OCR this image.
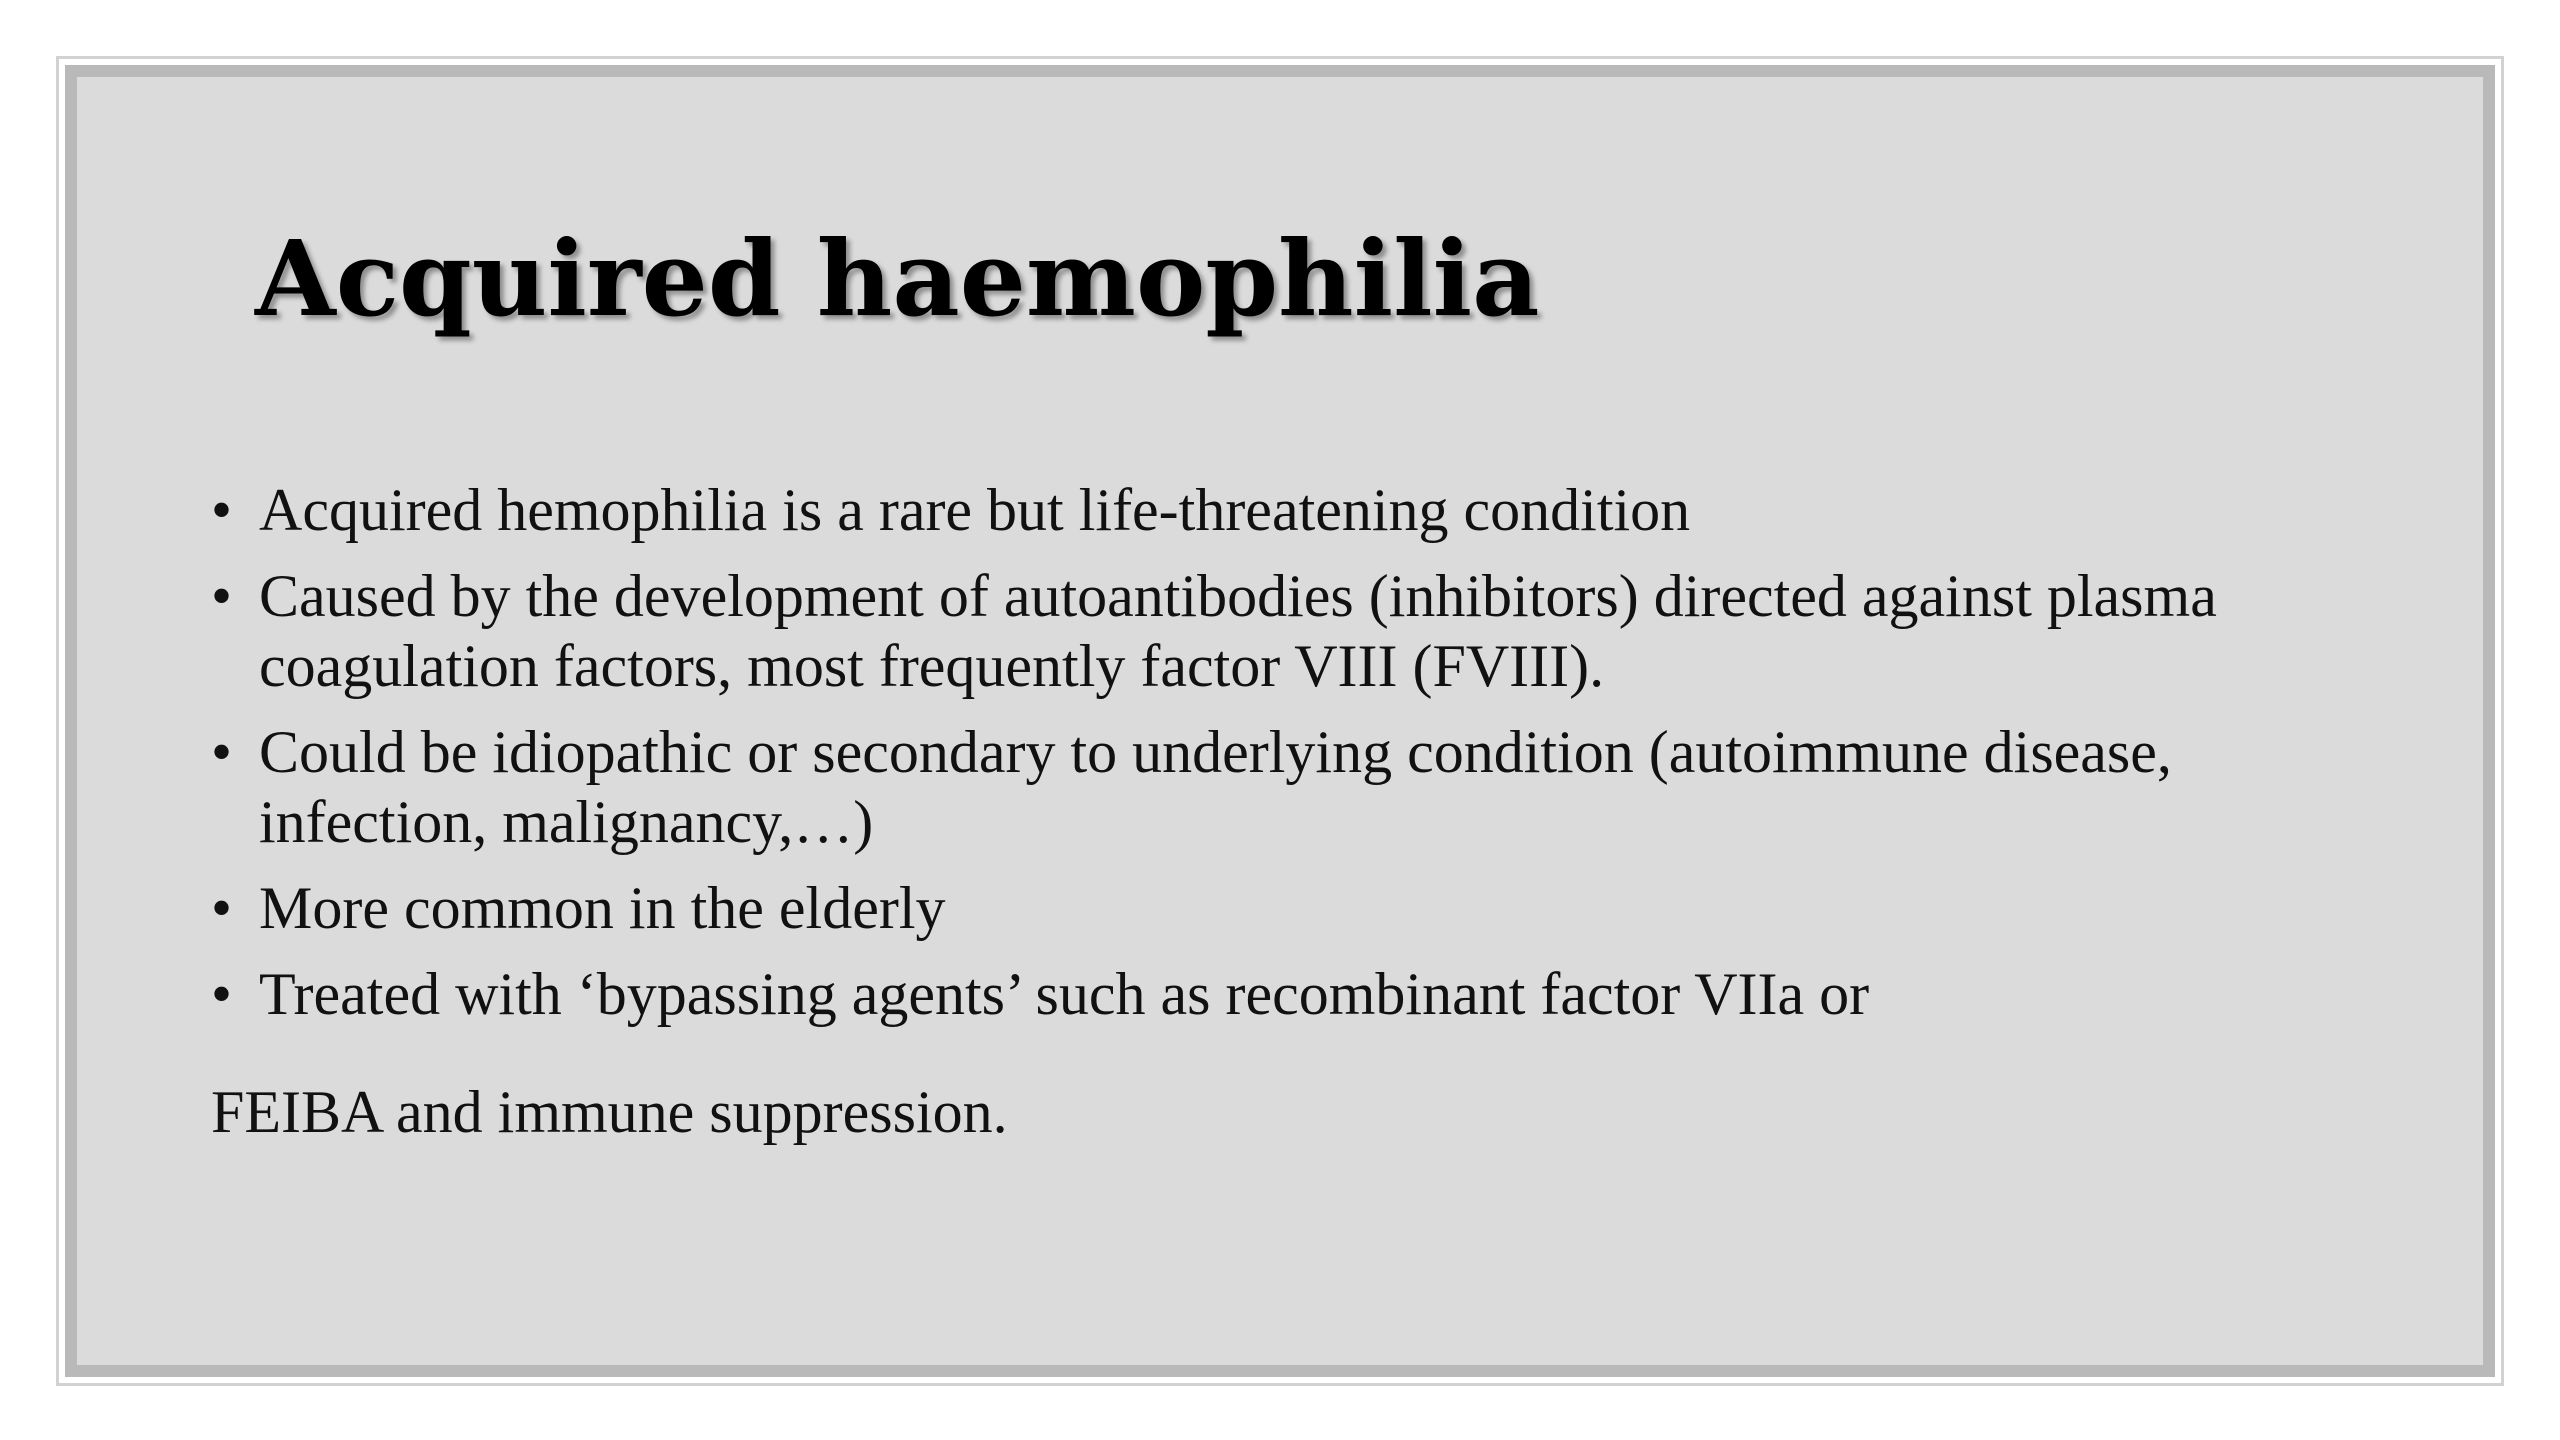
Acquired haemophilia
• Acquired hemophilia is a rare but life-threatening condition
• Caused by the development of autoantibodies (inhibitors) directed against plasma coagulation factors, most frequently factor VIII (FVIII).
• Could be idiopathic or secondary to underlying condition (autoimmune disease, infection, malignancy,…)
• More common in the elderly
• Treated with ‘bypassing agents’ such as recombinant factor VIIa or

FEIBA and immune suppression.
